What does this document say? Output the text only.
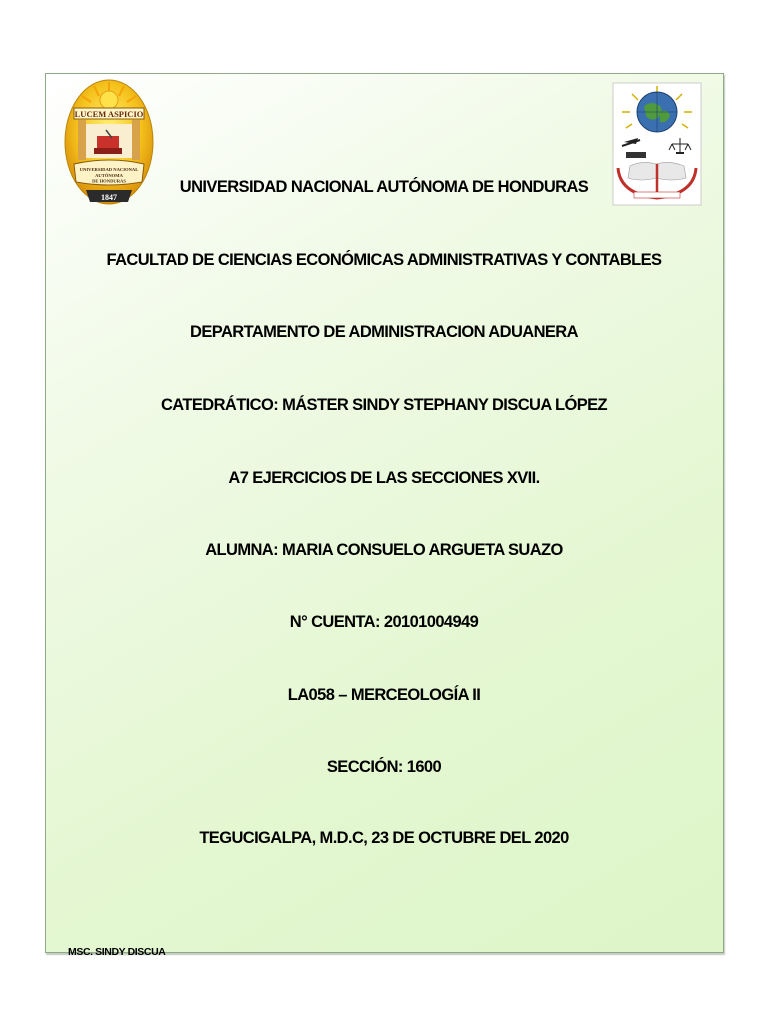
LUCEM ASPICIO
UNIVERSIDAD NACIONAL
AUTÓNOMA
DE HONDURAS
1847
UNIVERSIDAD NACIONAL AUTÓNOMA DE HONDURAS
FACULTAD DE CIENCIAS ECONÓMICAS ADMINISTRATIVAS Y CONTABLES
DEPARTAMENTO DE ADMINISTRACION ADUANERA
CATEDRÁTICO: MÁSTER SINDY STEPHANY DISCUA LÓPEZ
A7 EJERCICIOS DE LAS SECCIONES XVII.
ALUMNA: MARIA CONSUELO ARGUETA SUAZO
N° CUENTA: 20101004949
LA058 – MERCEOLOGÍA II
SECCIÓN: 1600
TEGUCIGALPA, M.D.C, 23 DE OCTUBRE DEL 2020
MSC. SINDY DISCUA
